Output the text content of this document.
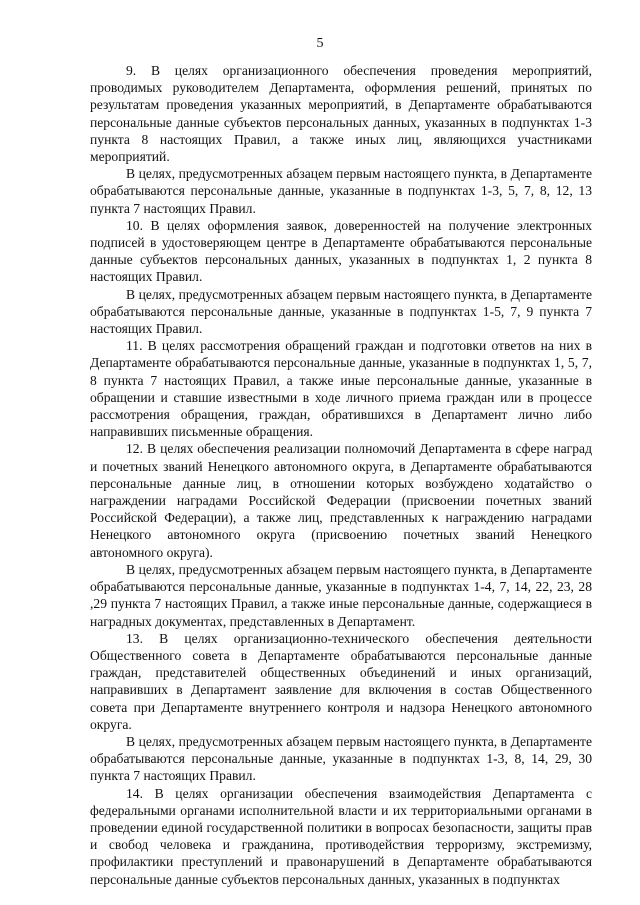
5

9. В целях организационного обеспечения проведения мероприятий, проводимых руководителем Департамента, оформления решений, принятых по результатам проведения указанных мероприятий, в Департаменте обрабатываются персональные данные субъектов персональных данных, указанных в подпунктах 1-3 пункта 8 настоящих Правил, а также иных лиц, являющихся участниками мероприятий.

В целях, предусмотренных абзацем первым настоящего пункта, в Департаменте обрабатываются персональные данные, указанные в подпунктах 1-3, 5, 7, 8, 12, 13 пункта 7 настоящих Правил.

10. В целях оформления заявок, доверенностей на получение электронных подписей в удостоверяющем центре в Департаменте обрабатываются персональные данные субъектов персональных данных, указанных в подпунктах 1, 2 пункта 8 настоящих Правил.

В целях, предусмотренных абзацем первым настоящего пункта, в Департаменте обрабатываются персональные данные, указанные в подпунктах 1-5, 7, 9 пункта 7 настоящих Правил.

11. В целях рассмотрения обращений граждан и подготовки ответов на них в Департаменте обрабатываются персональные данные, указанные в подпунктах 1, 5, 7, 8 пункта 7 настоящих Правил, а также иные персональные данные, указанные в обращении и ставшие известными в ходе личного приема граждан или в процессе рассмотрения обращения, граждан, обратившихся в Департамент лично либо направивших письменные обращения.

12. В целях обеспечения реализации полномочий Департамента в сфере наград и почетных званий Ненецкого автономного округа, в Департаменте обрабатываются персональные данные лиц, в отношении которых возбуждено ходатайство о награждении наградами Российской Федерации (присвоении почетных званий Российской Федерации), а также лиц, представленных к награждению наградами Ненецкого автономного округа (присвоению почетных званий Ненецкого автономного округа).

В целях, предусмотренных абзацем первым настоящего пункта, в Департаменте обрабатываются персональные данные, указанные в подпунктах 1-4, 7, 14, 22, 23, 28 ,29 пункта 7 настоящих Правил, а также иные персональные данные, содержащиеся в наградных документах, представленных в Департамент.

13. В целях организационно-технического обеспечения деятельности Общественного совета в Департаменте обрабатываются персональные данные граждан, представителей общественных объединений и иных организаций, направивших в Департамент заявление для включения в состав Общественного совета при Департаменте внутреннего контроля и надзора Ненецкого автономного округа.

В целях, предусмотренных абзацем первым настоящего пункта, в Департаменте обрабатываются персональные данные, указанные в подпунктах 1-3, 8, 14, 29, 30 пункта 7 настоящих Правил.

14. В целях организации обеспечения взаимодействия Департамента с федеральными органами исполнительной власти и их территориальными органами в проведении единой государственной политики в вопросах безопасности, защиты прав и свобод человека и гражданина, противодействия терроризму, экстремизму, профилактики преступлений и правонарушений в Департаменте обрабатываются персональные данные субъектов персональных данных, указанных в подпунктах
